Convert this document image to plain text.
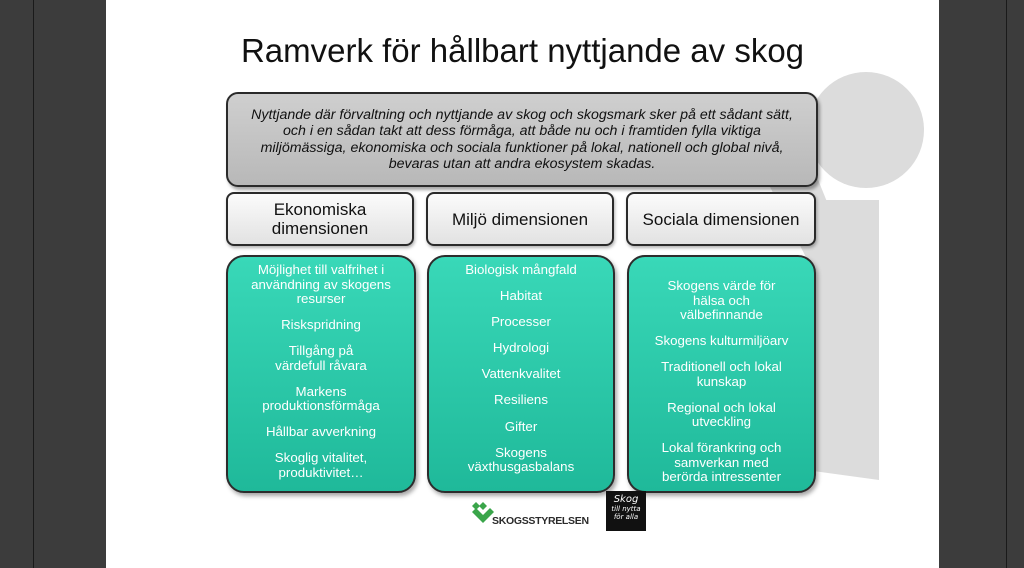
Ramverk för hållbart nyttjande av skog
Nyttjande där förvaltning och nyttjande av skog och skogsmark sker på ett sådant sätt, och i en sådan takt att dess förmåga, att både nu och i framtiden fylla viktiga miljömässiga, ekonomiska och sociala funktioner på lokal, nationell och global nivå, bevaras utan att andra ekosystem skadas.
Ekonomiska dimensionen	Miljö dimensionen	Sociala dimensionen
Möjlighet till valfrihet i användning av skogens resurser
Riskspridning
Tillgång på värdefull råvara
Markens produktionsförmåga
Hållbar avverkning
Skoglig vitalitet, produktivitet…
Biologisk mångfald
Habitat
Processer
Hydrologi
Vattenkvalitet
Resiliens
Gifter
Skogens växthusgasbalans
Skogens värde för hälsa och välbefinnande
Skogens kulturmiljöarv
Traditionell och lokal kunskap
Regional och lokal utveckling
Lokal förankring och samverkan med berörda intressenter
SKOGSSTYRELSEN
Skog
till nytta
för alla
